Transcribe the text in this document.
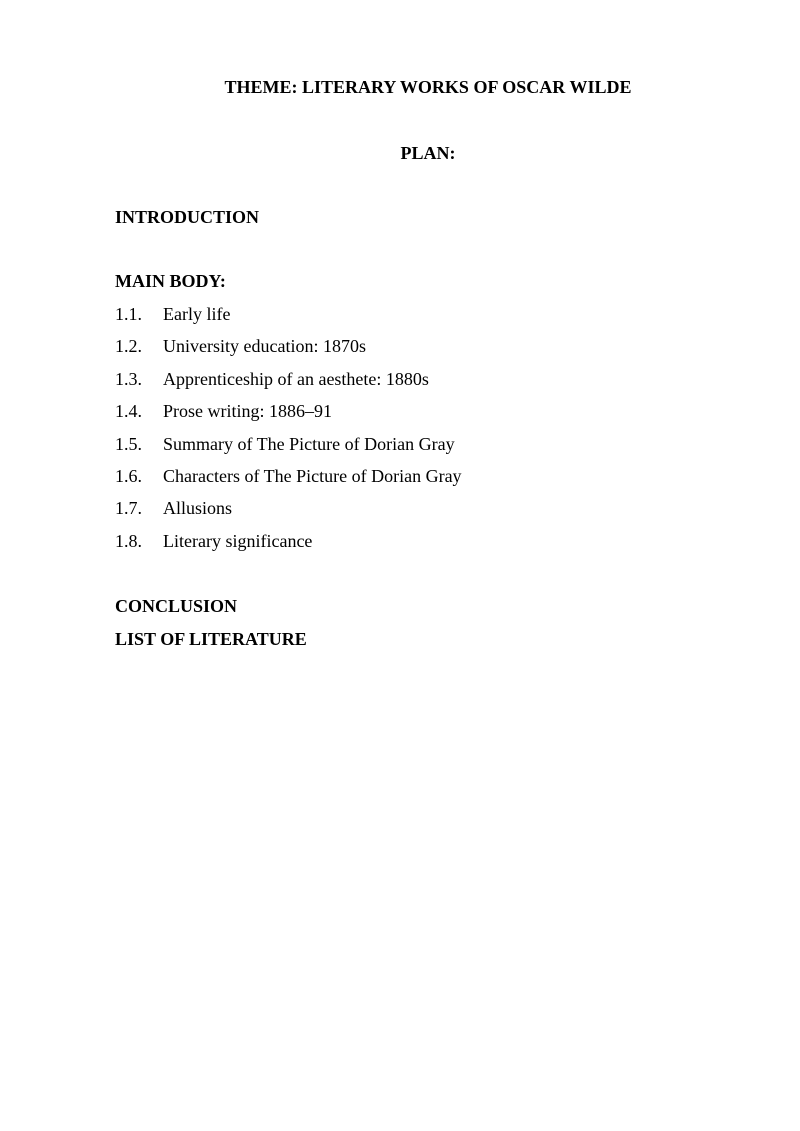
THEME: LITERARY WORKS OF OSCAR WILDE
PLAN:
INTRODUCTION
MAIN BODY:
1.1.	Early life
1.2.	University education: 1870s
1.3.	Apprenticeship of an aesthete: 1880s
1.4.	Prose writing: 1886–91
1.5.	Summary of The Picture of Dorian Gray
1.6.	Characters of The Picture of Dorian Gray
1.7.	Allusions
1.8.	Literary significance
CONCLUSION
LIST OF LITERATURE
